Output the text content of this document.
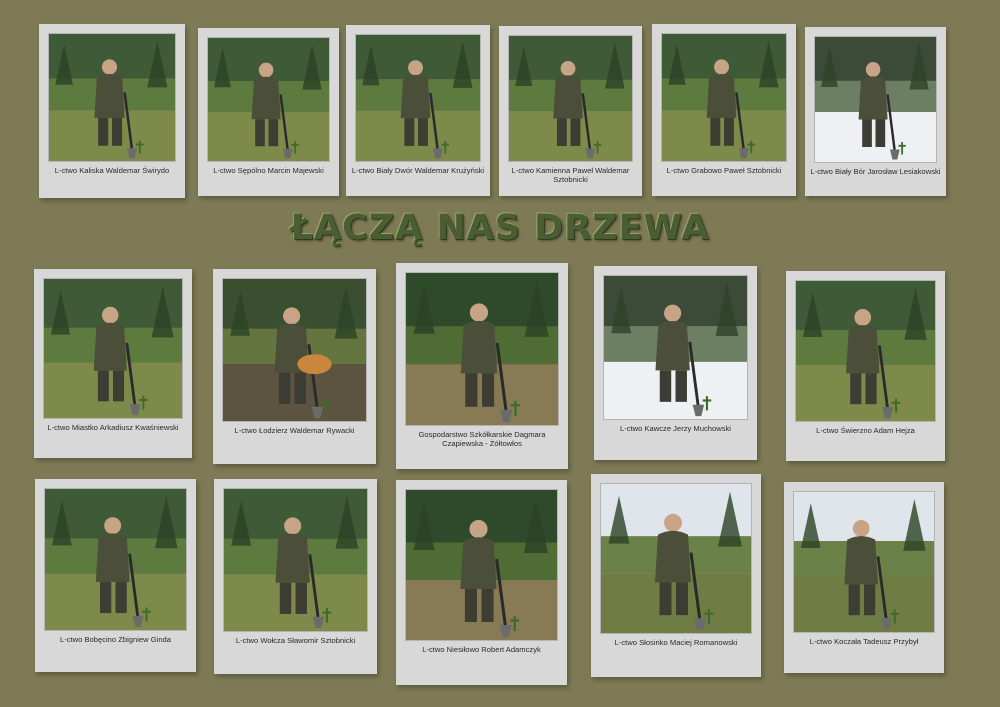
ŁĄCZĄ NAS DRZEWA
L-ctwo Kaliska Waldemar Świrydo	L-ctwo Sępólno Marcin Majewski	L-ctwo Biały Dwór Waldemar Krużyński	L-ctwo Kamienna Paweł Waldemar Sztobnicki
L-ctwo Grabowo Paweł Sztobnicki	L-ctwo Biały Bór Jarosław Lesiakowski
L-ctwo Miastko Arkadiusz Kwaśniewski	L-ctwo Łodzierz Waldemar Rywacki	Gospodarstwo Szkółkarskie Dagmara Czapiewska - Żółtowłos
L-ctwo Kawcze Jerzy Muchowski	L-ctwo Świerzno Adam Hejza
L-ctwo Bobęcino Zbigniew Ginda	L-ctwo Wołcza Sławomir Sztobnicki
L-ctwo Niesiłowo Robert Adamczyk
L-ctwo Słosinko Maciej Romanowski	L-ctwo Koczała Tadeusz Przybył
